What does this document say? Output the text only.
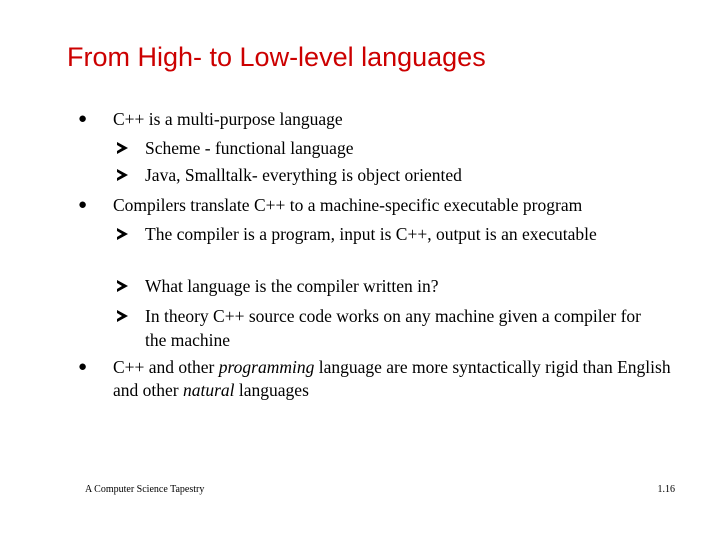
From High- to Low-level languages
● C++ is a multi-purpose language
Scheme - functional language
Java, Smalltalk- everything is object oriented
● Compilers translate C++ to a machine-specific executable program
The compiler is a program, input is C++, output is an executable
What language is the compiler written in?
In theory C++ source code works on any machine given a compiler for the machine
● C++ and other programming language are more syntactically rigid than English and other natural languages
A Computer Science Tapestry	1.16
